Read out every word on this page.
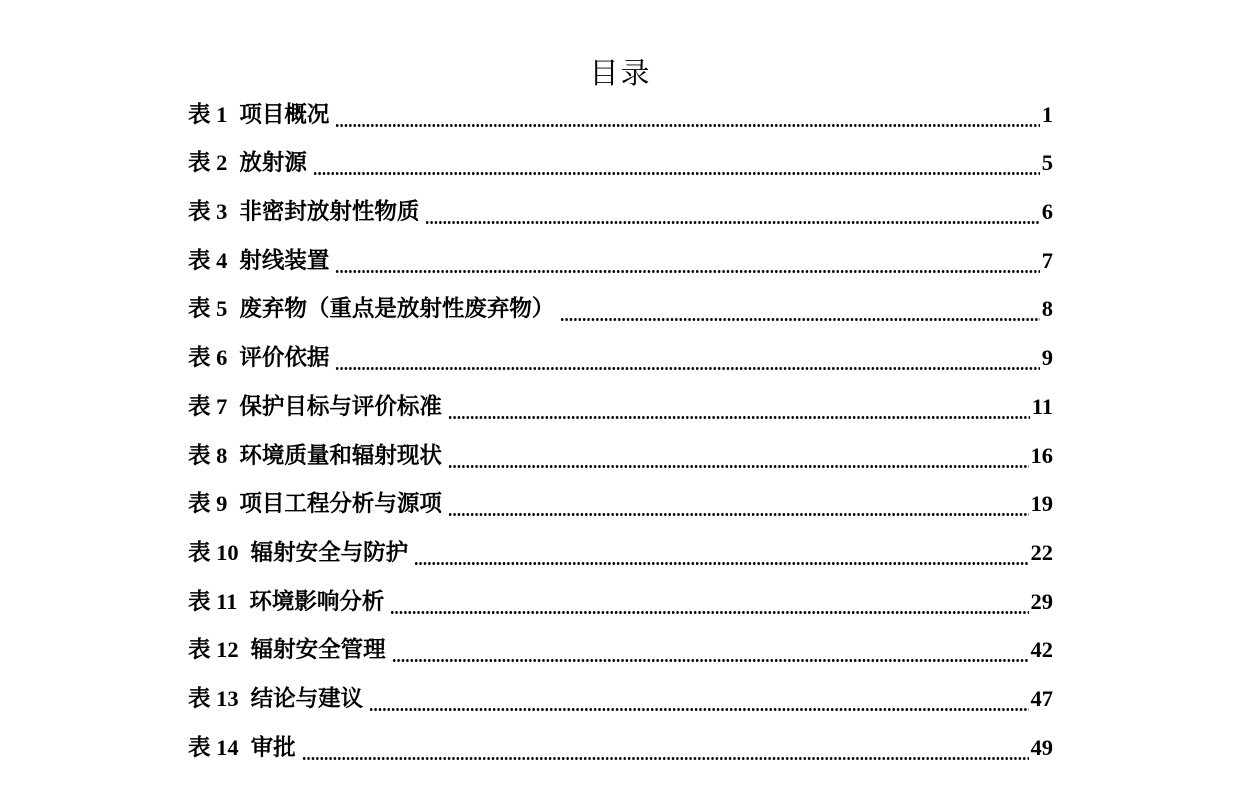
目录
表 1 项目概况	1
表 2 放射源	5
表 3 非密封放射性物质	6
表 4 射线装置	7
表 5 废弃物（重点是放射性废弃物）	8
表 6 评价依据	9
表 7 保护目标与评价标准	11
表 8 环境质量和辐射现状	16
表 9 项目工程分析与源项	19
表 10 辐射安全与防护	22
表 11 环境影响分析	29
表 12 辐射安全管理	42
表 13 结论与建议	47
表 14 审批	49
